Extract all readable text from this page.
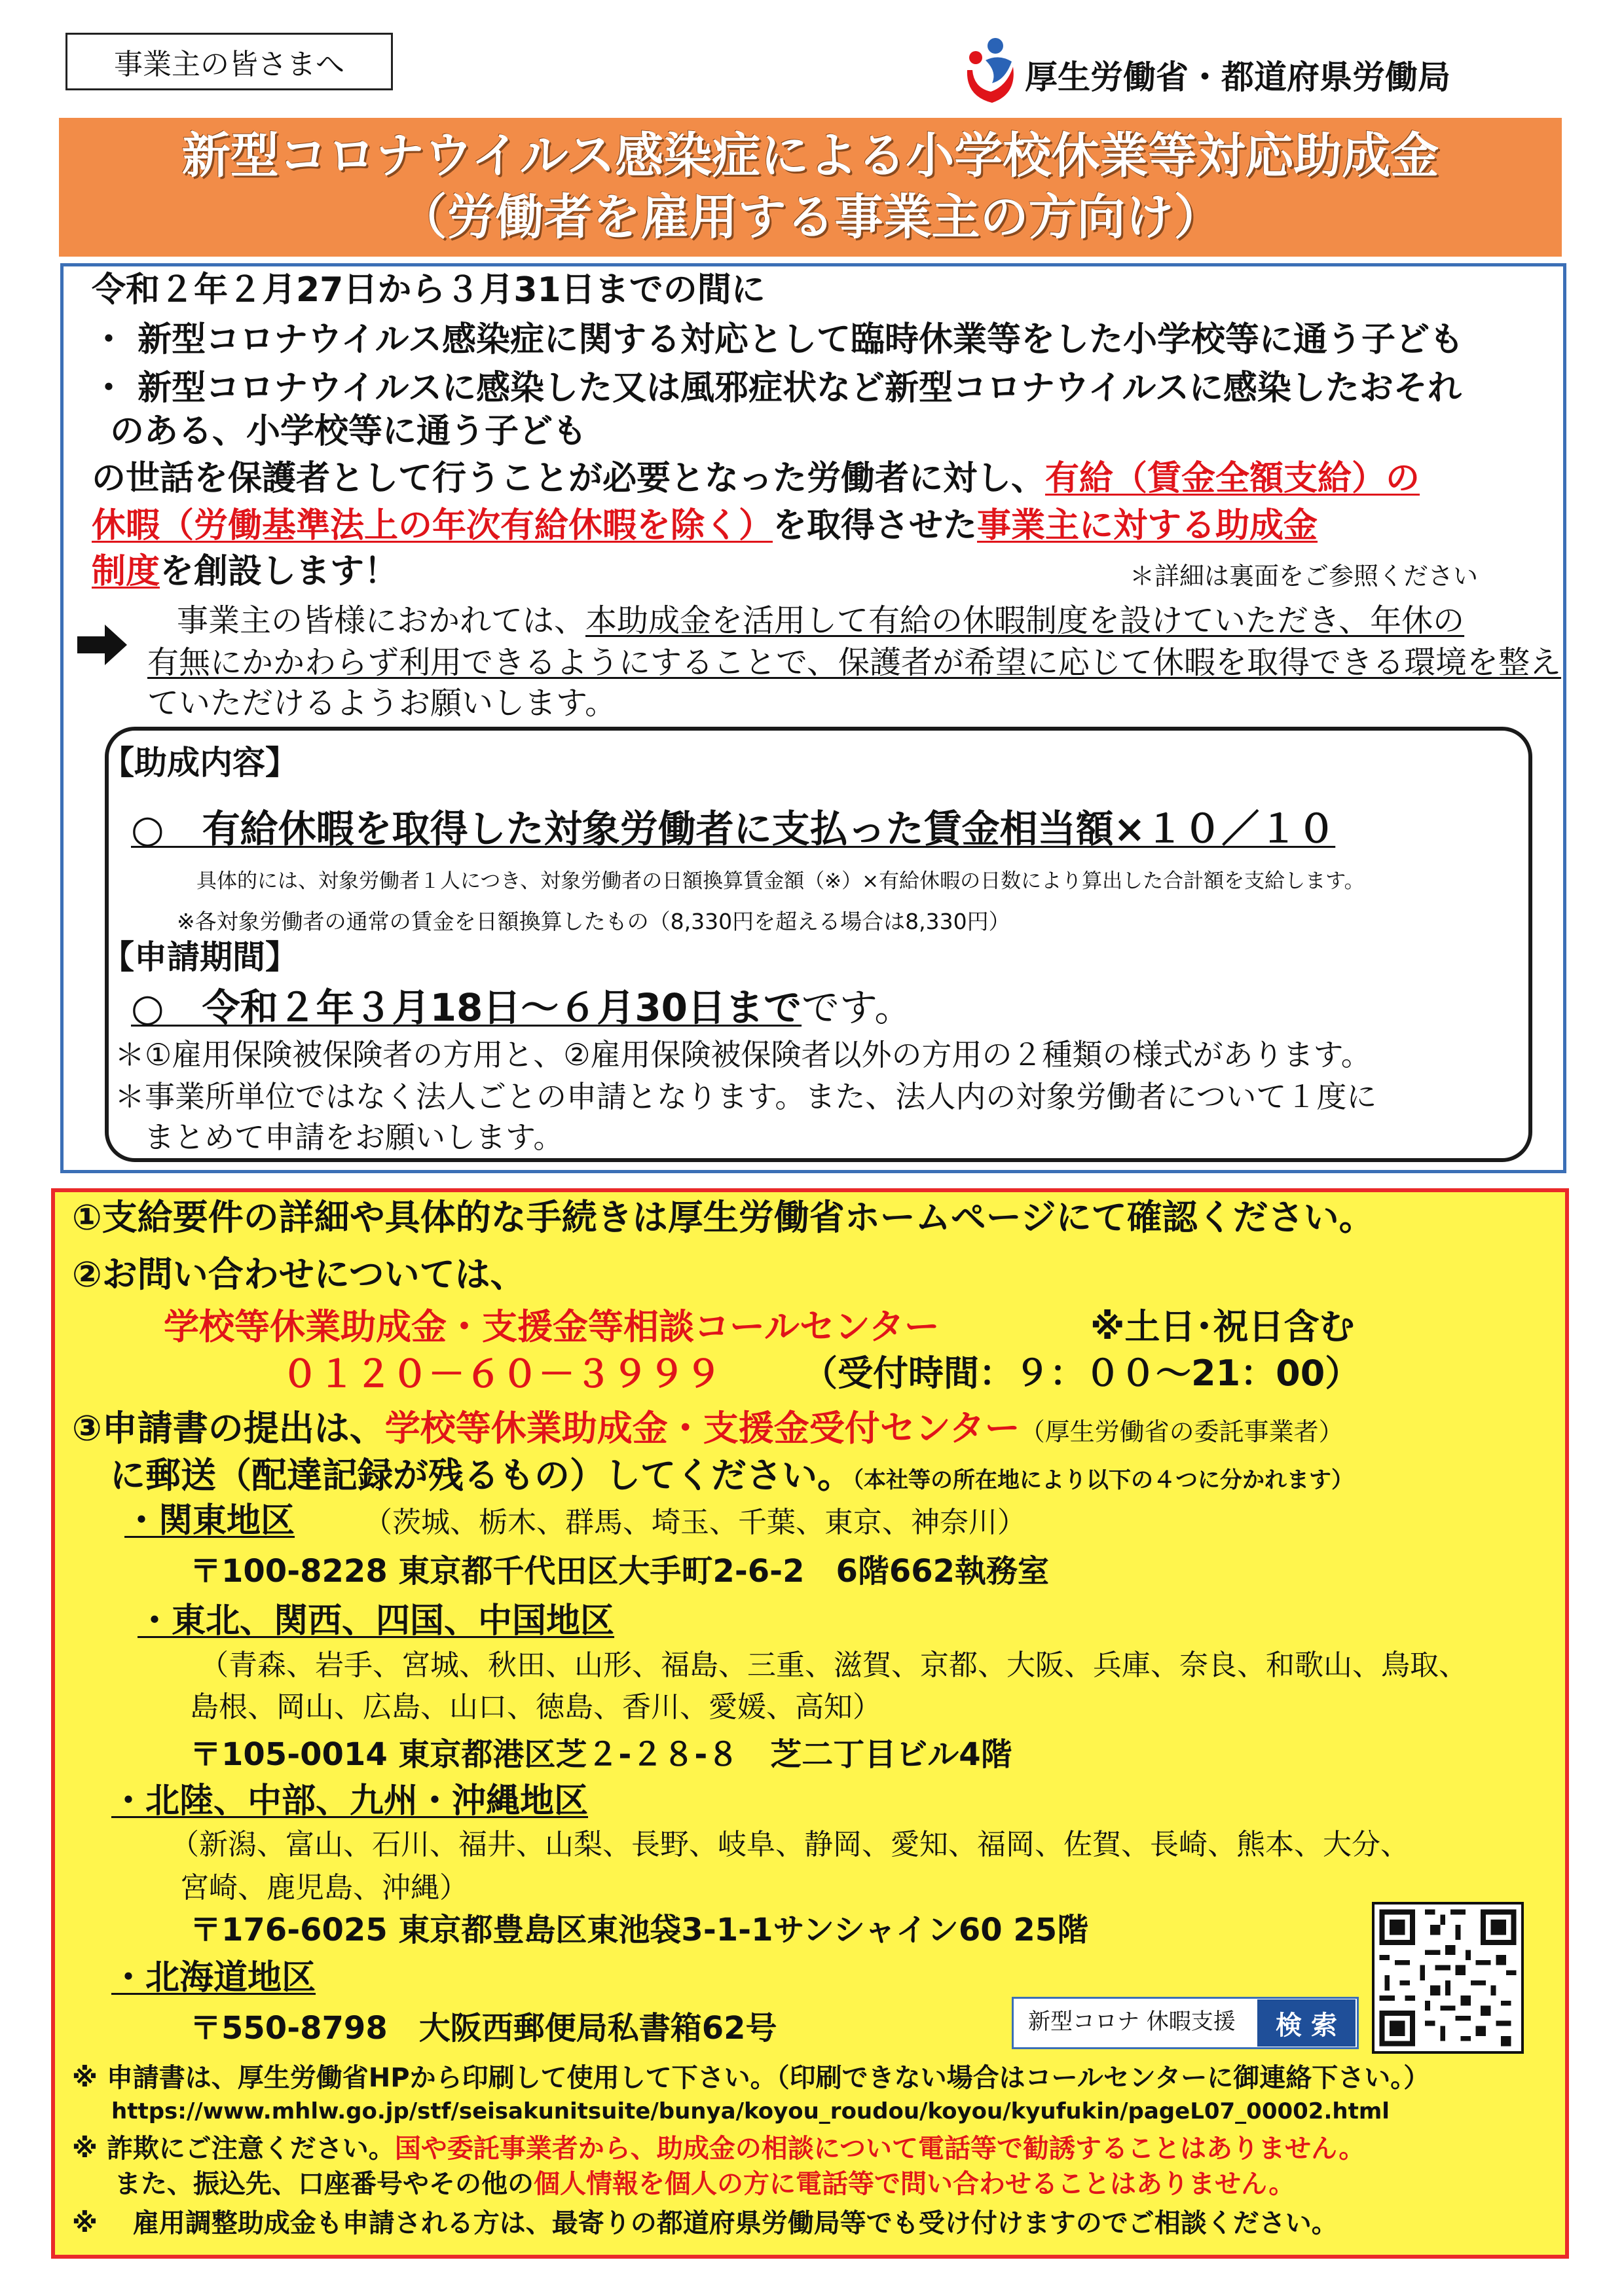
事業主の皆さまへ	厚生労働省・都道府県労働局
新型コロナウイルス感染症による小学校休業等対応助成金
（労働者を雇用する事業主の方向け）
令和２年２月27日から３月31日までの間に
・ 新型コロナウイルス感染症に関する対応として臨時休業等をした小学校等に通う子ども
・ 新型コロナウイルスに感染した又は風邪症状など新型コロナウイルスに感染したおそれ
のある、小学校等に通う子ども
の世話を保護者として行うことが必要となった労働者に対し、有給（賃金全額支給）の
休暇（労働基準法上の年次有給休暇を除く）を取得させた事業主に対する助成金
制度を創設します！	＊詳細は裏面をご参照ください
事業主の皆様におかれては、本助成金を活用して有給の休暇制度を設けていただき、年休の
有無にかかわらず利用できるようにすることで、保護者が希望に応じて休暇を取得できる環境を整え
ていただけるようお願いします。
【助成内容】
○　有給休暇を取得した対象労働者に支払った賃金相当額×１０／１０
具体的には、対象労働者１人につき、対象労働者の日額換算賃金額（※）×有給休暇の日数により算出した合計額を支給します。
※各対象労働者の通常の賃金を日額換算したもの（8,330円を超える場合は8,330円）
【申請期間】
○　令和２年３月18日～６月30日までです。
＊①雇用保険被保険者の方用と、②雇用保険被保険者以外の方用の２種類の様式があります。
＊事業所単位ではなく法人ごとの申請となります。また、法人内の対象労働者について１度に
まとめて申請をお願いします。
①支給要件の詳細や具体的な手続きは厚生労働省ホームページにて確認ください。
②お問い合わせについては、
学校等休業助成金・支援金等相談コールセンター	※土日･祝日含む
０１２０－６０－３９９９ （受付時間：９：００～21：00）
③申請書の提出は、学校等休業助成金・支援金受付センター（厚生労働省の委託事業者）
に郵送（配達記録が残るもの）してください。（本社等の所在地により以下の４つに分かれます）
・関東地区 （茨城、栃木、群馬、埼玉、千葉、東京、神奈川）
〒100-8228 東京都千代田区大手町2-6-2　6階662執務室
・東北、関西、四国、中国地区
（青森、岩手、宮城、秋田、山形、福島、三重、滋賀、京都、大阪、兵庫、奈良、和歌山、鳥取、
島根、岡山、広島、山口、徳島、香川、愛媛、高知）
〒105-0014 東京都港区芝２-２８-８　芝二丁目ビル4階
・北陸、中部、九州・沖縄地区
（新潟、富山、石川、福井、山梨、長野、岐阜、静岡、愛知、福岡、佐賀、長崎、熊本、大分、
宮崎、鹿児島、沖縄）
〒176-6025 東京都豊島区東池袋3-1-1サンシャイン60 25階
・北海道地区
〒550-8798　大阪西郵便局私書箱62号	新型コロナ 休暇支援 検 索
※ 申請書は、厚生労働省HPから印刷して使用して下さい。（印刷できない場合はコールセンターに御連絡下さい。）
https://www.mhlw.go.jp/stf/seisakunitsuite/bunya/koyou_roudou/koyou/kyufukin/pageL07_00002.html
※ 詐欺にご注意ください。国や委託事業者から、助成金の相談について電話等で勧誘することはありません。
また、振込先、口座番号やその他の個人情報を個人の方に電話等で問い合わせることはありません。
※ 　雇用調整助成金も申請される方は、最寄りの都道府県労働局等でも受け付けますのでご相談ください。
